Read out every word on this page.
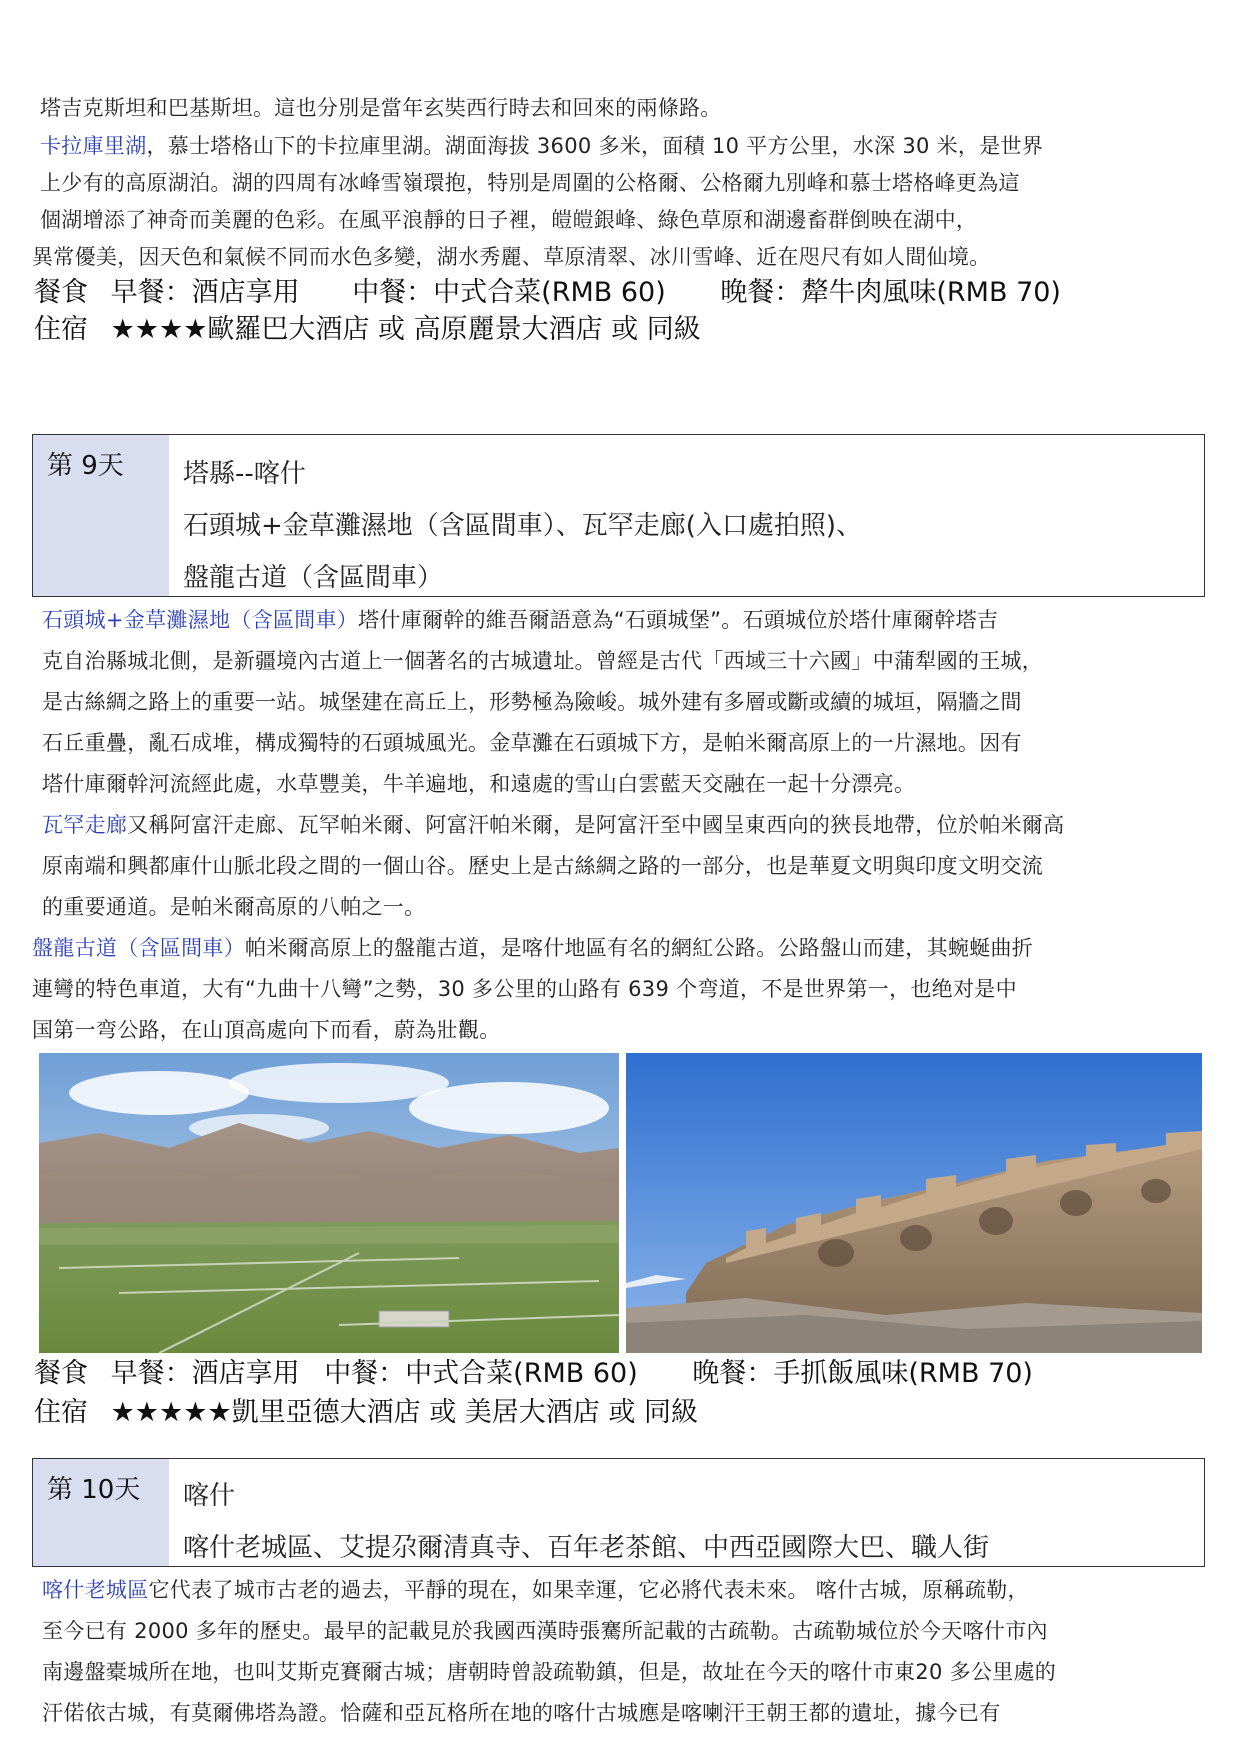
塔吉克斯坦和巴基斯坦。這也分別是當年玄奘西行時去和回來的兩條路。
卡拉庫里湖，慕士塔格山下的卡拉庫里湖。湖面海拔 3600 多米，面積 10 平方公里，水深 30 米，是世界
上少有的高原湖泊。湖的四周有冰峰雪嶺環抱，特別是周圍的公格爾、公格爾九別峰和慕士塔格峰更為這
個湖增添了神奇而美麗的色彩。在風平浪靜的日子裡，皚皚銀峰、綠色草原和湖邊畜群倒映在湖中，
異常優美，因天色和氣候不同而水色多變，湖水秀麗、草原清翠、冰川雪峰、近在咫尺有如人間仙境。
餐食 早餐：酒店享用 中餐：中式合菜(RMB 60) 晚餐：犛牛肉風味(RMB 70)
住宿 ★★★★歐羅巴大酒店 或 高原麗景大酒店 或 同級
第 9天	塔縣--喀什
石頭城+金草灘濕地（含區間車）、瓦罕走廊(入口處拍照)、
盤龍古道（含區間車）
石頭城+金草灘濕地（含區間車）塔什庫爾幹的維吾爾語意為“石頭城堡”。石頭城位於塔什庫爾幹塔吉
克自治縣城北側，是新疆境內古道上一個著名的古城遺址。曾經是古代「西域三十六國」中蒲犁國的王城，
是古絲綢之路上的重要一站。城堡建在高丘上，形勢極為險峻。城外建有多層或斷或續的城垣，隔牆之間
石丘重疊，亂石成堆，構成獨特的石頭城風光。金草灘在石頭城下方，是帕米爾高原上的一片濕地。因有
塔什庫爾幹河流經此處，水草豐美，牛羊遍地，和遠處的雪山白雲藍天交融在一起十分漂亮。
瓦罕走廊又稱阿富汗走廊、瓦罕帕米爾、阿富汗帕米爾，是阿富汗至中國呈東西向的狹長地帶，位於帕米爾高
原南端和興都庫什山脈北段之間的一個山谷。歷史上是古絲綢之路的一部分，也是華夏文明與印度文明交流
的重要通道。是帕米爾高原的八帕之一。
盤龍古道（含區間車）帕米爾高原上的盤龍古道，是喀什地區有名的網紅公路。公路盤山而建，其蜿蜒曲折
連彎的特色車道，大有“九曲十八彎”之勢，30 多公里的山路有 639 个弯道，不是世界第一，也绝对是中
国第一弯公路，在山頂高處向下而看，蔚為壯觀。
餐食 早餐：酒店享用 中餐：中式合菜(RMB 60) 晚餐：手抓飯風味(RMB 70)
住宿 ★★★★★凱里亞德大酒店 或 美居大酒店 或 同級
第 10天	喀什
喀什老城區、艾提尕爾清真寺、百年老茶館、中西亞國際大巴、職人街
喀什老城區它代表了城市古老的過去，平靜的現在，如果幸運，它必將代表未來。 喀什古城，原稱疏勒，
至今已有 2000 多年的歷史。最早的記載見於我國西漢時張騫所記載的古疏勒。古疏勒城位於今天喀什市內
南邊盤橐城所在地，也叫艾斯克賽爾古城；唐朝時曾設疏勒鎮，但是，故址在今天的喀什市東20 多公里處的
汗偌依古城，有莫爾佛塔為證。恰薩和亞瓦格所在地的喀什古城應是喀喇汗王朝王都的遺址，據今已有
